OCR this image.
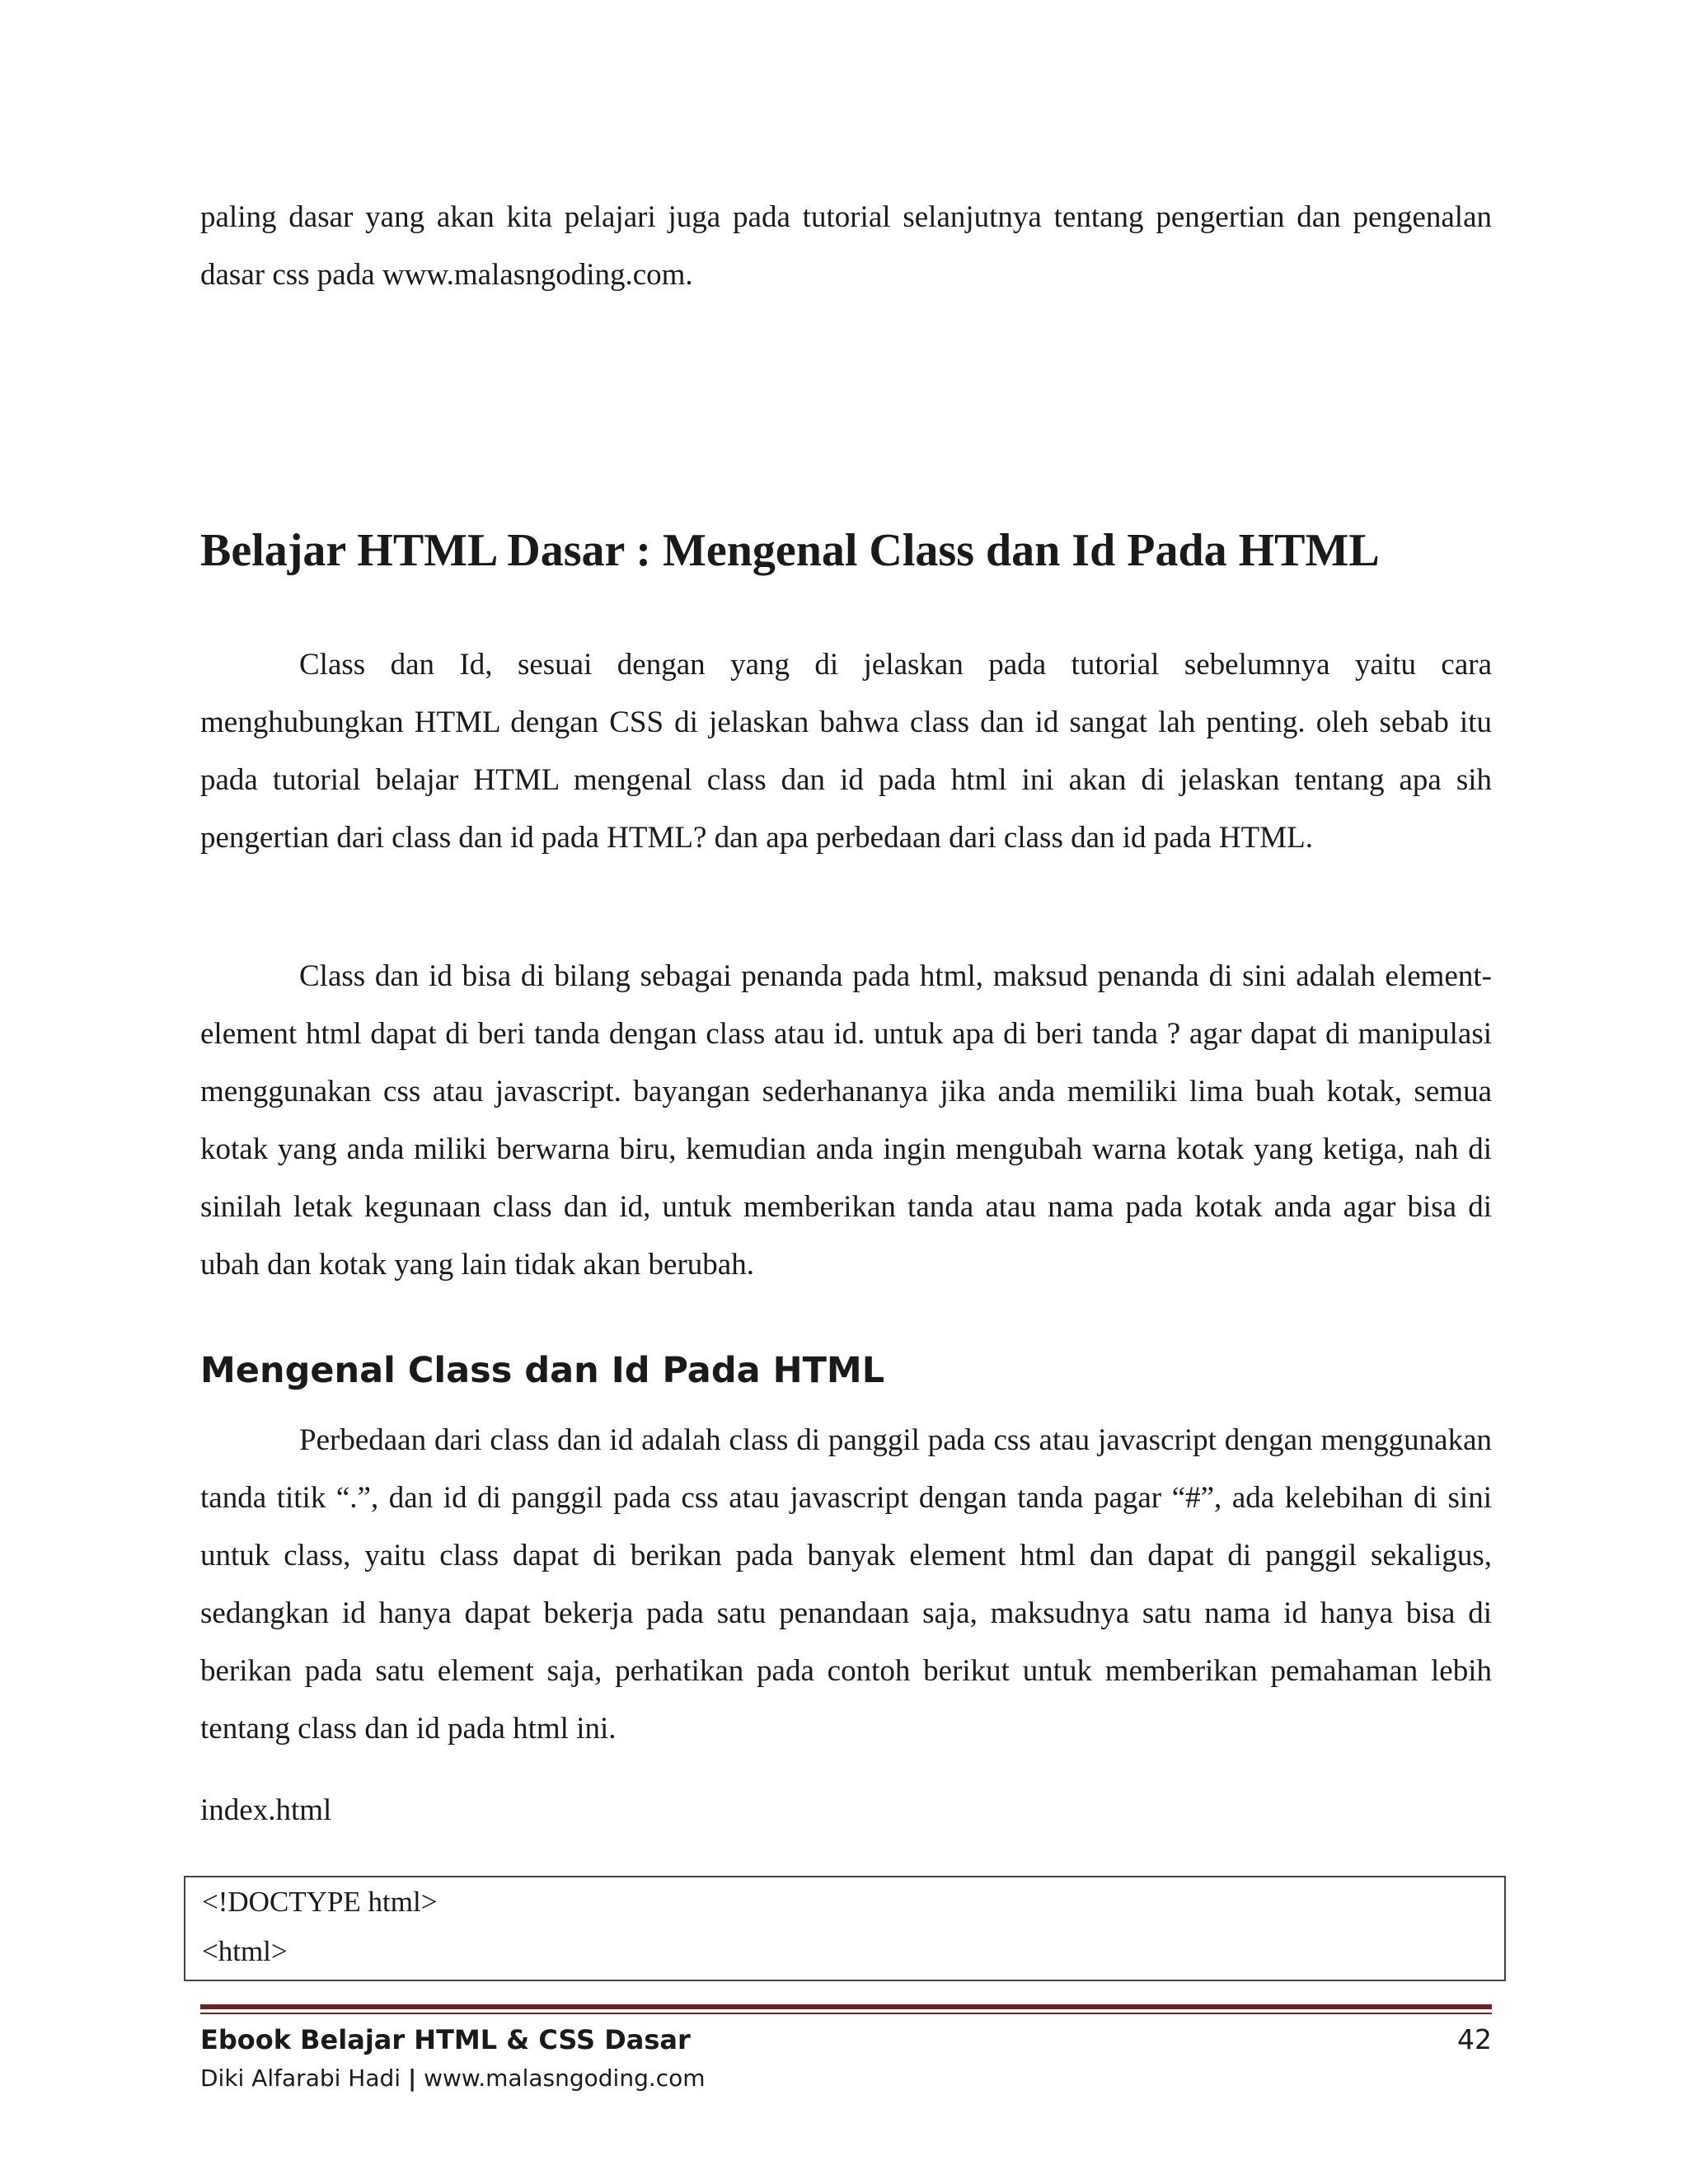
paling dasar yang akan kita pelajari juga pada tutorial selanjutnya tentang pengertian dan pengenalan dasar css pada www.malasngoding.com.

Belajar HTML Dasar : Mengenal Class dan Id Pada HTML

Class dan Id, sesuai dengan yang di jelaskan pada tutorial sebelumnya yaitu cara menghubungkan HTML dengan CSS di jelaskan bahwa class dan id sangat lah penting. oleh sebab itu pada tutorial belajar HTML mengenal class dan id pada html ini akan di jelaskan tentang apa sih pengertian dari class dan id pada HTML? dan apa perbedaan dari class dan id pada HTML.

Class dan id bisa di bilang sebagai penanda pada html, maksud penanda di sini adalah element-element html dapat di beri tanda dengan class atau id. untuk apa di beri tanda ? agar dapat di manipulasi menggunakan css atau javascript. bayangan sederhananya jika anda memiliki lima buah kotak, semua kotak yang anda miliki berwarna biru, kemudian anda ingin mengubah warna kotak yang ketiga, nah di sinilah letak kegunaan class dan id, untuk memberikan tanda atau nama pada kotak anda agar bisa di ubah dan kotak yang lain tidak akan berubah.

Mengenal Class dan Id Pada HTML

Perbedaan dari class dan id adalah class di panggil pada css atau javascript dengan menggunakan tanda titik “.”, dan id di panggil pada css atau javascript dengan tanda pagar “#”, ada kelebihan di sini untuk class, yaitu class dapat di berikan pada banyak element html dan dapat di panggil sekaligus, sedangkan id hanya dapat bekerja pada satu penandaan saja, maksudnya satu nama id hanya bisa di berikan pada satu element saja, perhatikan pada contoh berikut untuk memberikan pemahaman lebih tentang class dan id pada html ini.

index.html

<!DOCTYPE html>
<html>
Ebook Belajar HTML & CSS Dasar	42
Diki Alfarabi Hadi | www.malasngoding.com
